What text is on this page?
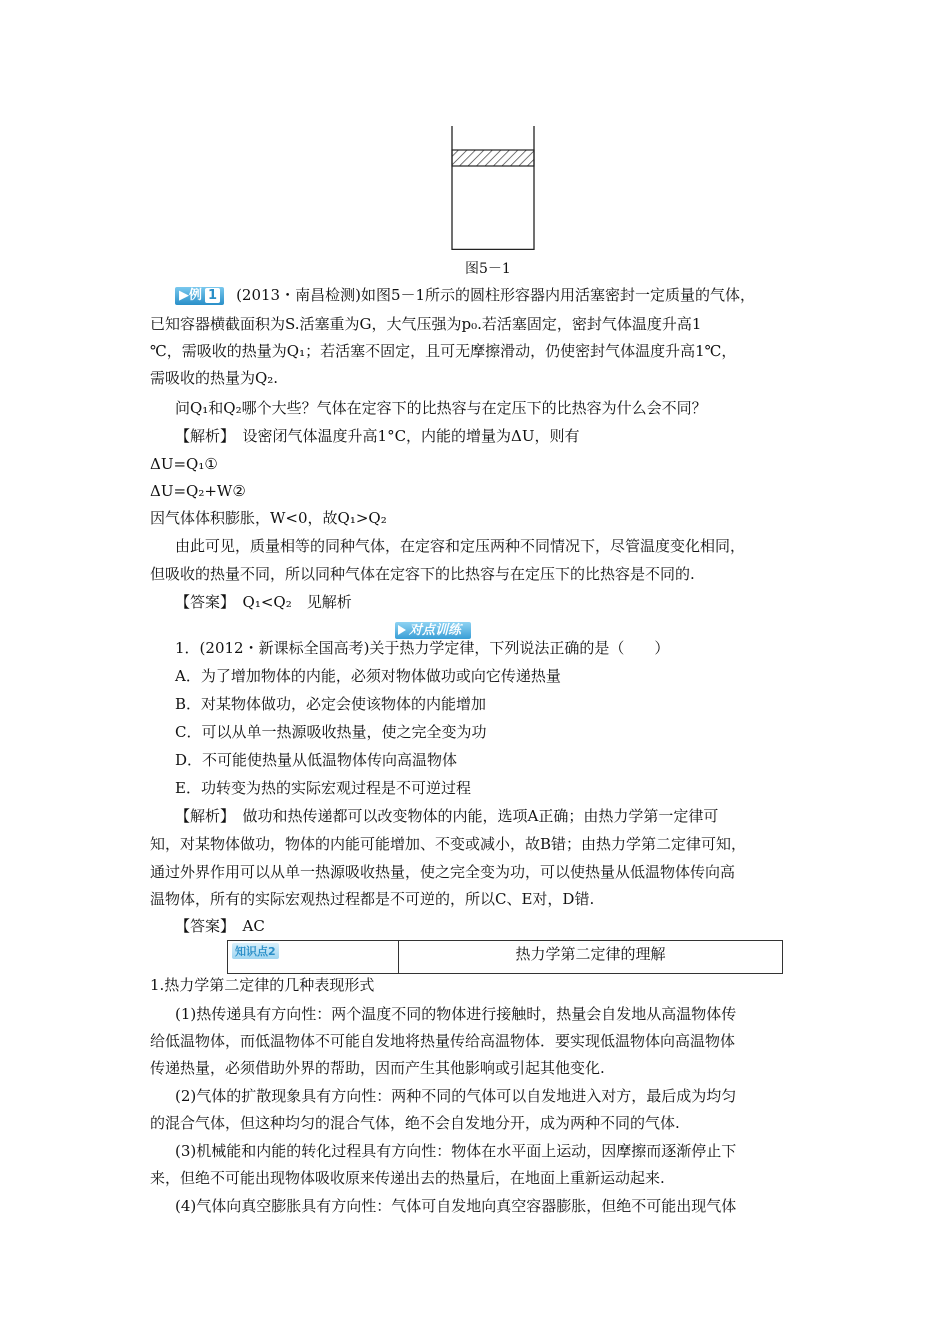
图5－1
▶例 1 (2013・南昌检测)如图5－1所示的圆柱形容器内用活塞密封一定质量的气体，
已知容器横截面积为S.活塞重为G，大气压强为p₀.若活塞固定，密封气体温度升高1
℃，需吸收的热量为Q₁；若活塞不固定，且可无摩擦滑动，仍使密封气体温度升高1℃，
需吸收的热量为Q₂.
问Q₁和Q₂哪个大些？气体在定容下的比热容与在定压下的比热容为什么会不同？
【解析】　 设密闭气体温度升高1°C，内能的增量为ΔU，则有
ΔU=Q₁①
ΔU=Q₂+W②
因气体体积膨胀，W<0，故Q₁>Q₂
由此可见，质量相等的同种气体，在定容和定压两种不同情况下，尽管温度变化相同，
但吸收的热量不同，所以同种气体在定容下的比热容与在定压下的比热容是不同的.
【答案】　 Q₁<Q₂　见解析
对点训练
1．(2012・新课标全国高考)关于热力学定律，下列说法正确的是（　　）
A．为了增加物体的内能，必须对物体做功或向它传递热量
B．对某物体做功，必定会使该物体的内能增加
C．可以从单一热源吸收热量，使之完全变为功
D．不可能使热量从低温物体传向高温物体
E．功转变为热的实际宏观过程是不可逆过程
【解析】　 做功和热传递都可以改变物体的内能，选项A正确；由热力学第一定律可
知，对某物体做功，物体的内能可能增加、不变或减小，故B错；由热力学第二定律可知，
通过外界作用可以从单一热源吸收热量，使之完全变为功，可以使热量从低温物体传向高
温物体，所有的实际宏观热过程都是不可逆的，所以C、E对，D错.
【答案】　 AC
知识点2	热力学第二定律的理解
1.热力学第二定律的几种表现形式
(1)热传递具有方向性：两个温度不同的物体进行接触时，热量会自发地从高温物体传
给低温物体，而低温物体不可能自发地将热量传给高温物体．要实现低温物体向高温物体
传递热量，必须借助外界的帮助，因而产生其他影响或引起其他变化.
(2)气体的扩散现象具有方向性：两种不同的气体可以自发地进入对方，最后成为均匀
的混合气体，但这种均匀的混合气体，绝不会自发地分开，成为两种不同的气体.
(3)机械能和内能的转化过程具有方向性：物体在水平面上运动，因摩擦而逐渐停止下
来，但绝不可能出现物体吸收原来传递出去的热量后，在地面上重新运动起来.
(4)气体向真空膨胀具有方向性：气体可自发地向真空容器膨胀，但绝不可能出现气体
